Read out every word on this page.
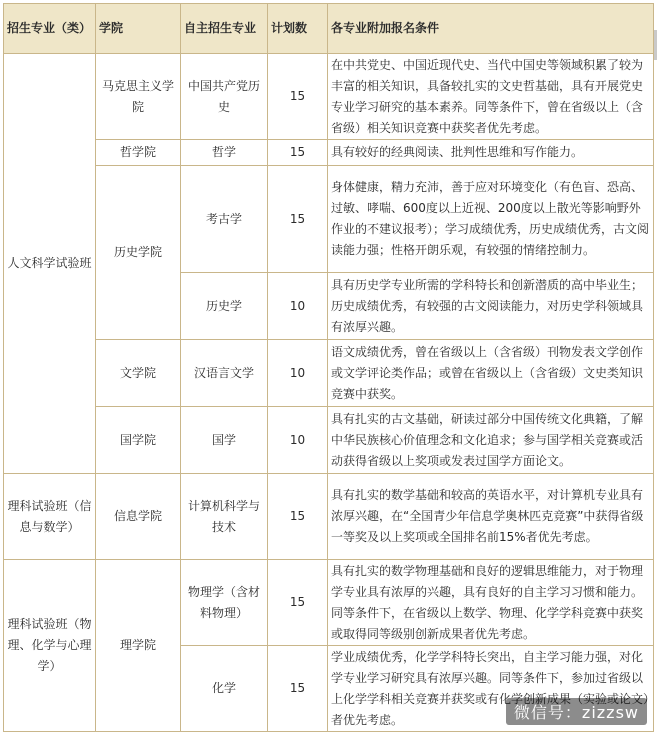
招生专业（类）	学院	自主招生专业	计划数	各专业附加报名条件
人文科学试验班	马克思主义学院	中国共产党历史	15	在中共党史、中国近现代史、当代中国史等领域积累了较为丰富的相关知识，具备较扎实的文史哲基础，具有开展党史专业学习研究的基本素养。同等条件下，曾在省级以上（含省级）相关知识竞赛中获奖者优先考虑。
	哲学院	哲学	15	具有较好的经典阅读、批判性思维和写作能力。
	历史学院	考古学	15	身体健康，精力充沛，善于应对环境变化（有色盲、恐高、过敏、哮喘、600度以上近视、200度以上散光等影响野外作业的不建议报考）；学习成绩优秀，历史成绩优秀，古文阅读能力强；性格开朗乐观，有较强的情绪控制力。
		历史学	10	具有历史学专业所需的学科特长和创新潜质的高中毕业生；历史成绩优秀，有较强的古文阅读能力，对历史学科领域具有浓厚兴趣。
	文学院	汉语言文学	10	语文成绩优秀，曾在省级以上（含省级）刊物发表文学创作或文学评论类作品；或曾在省级以上（含省级）文史类知识竞赛中获奖。
	国学院	国学	10	具有扎实的古文基础，研读过部分中国传统文化典籍，了解中华民族核心价值理念和文化追求；参与国学相关竞赛或活动获得省级以上奖项或发表过国学方面论文。
理科试验班（信息与数学）	信息学院	计算机科学与技术	15	具有扎实的数学基础和较高的英语水平，对计算机专业具有浓厚兴趣，在“全国青少年信息学奥林匹克竞赛”中获得省级一等奖及以上奖项或全国排名前15%者优先考虑。
理科试验班（物理、化学与心理学）	理学院	物理学（含材料物理）	15	具有扎实的数学物理基础和良好的逻辑思维能力，对于物理学专业具有浓厚的兴趣，具有良好的自主学习习惯和能力。同等条件下，在省级以上数学、物理、化学学科竞赛中获奖或取得同等级别创新成果者优先考虑。
		化学	15	学业成绩优秀，化学学科特长突出，自主学习能力强，对化学专业学习研究具有浓厚兴趣。同等条件下，参加过省级以上化学学科相关竞赛并获奖或有化学创新成果（实验或论文）者优先考虑。	微信号：zizzsw
